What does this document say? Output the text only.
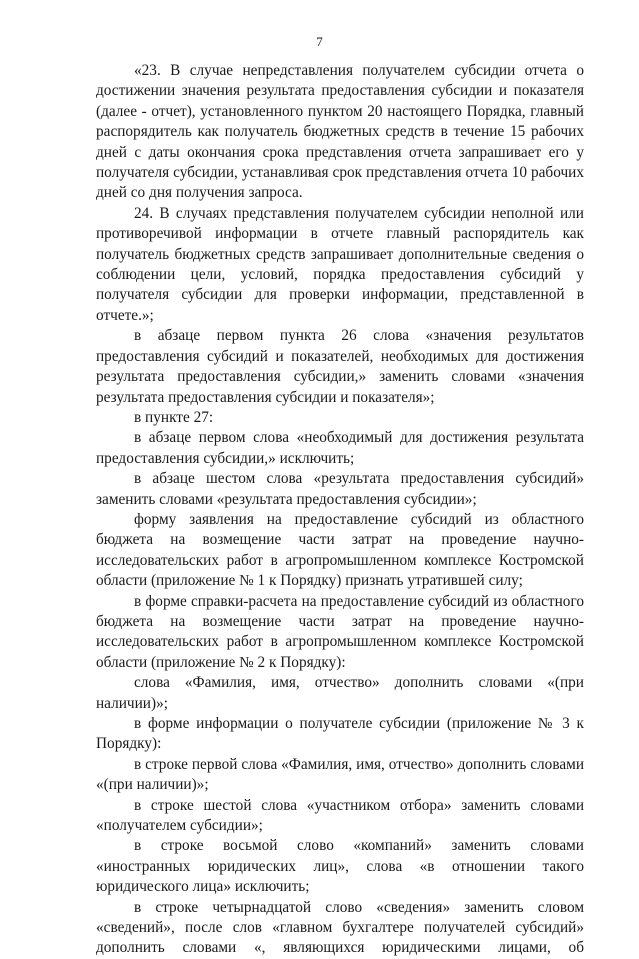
7

«23. В случае непредставления получателем субсидии отчета о достижении значения результата предоставления субсидии и показателя (далее - отчет), установленного пунктом 20 настоящего Порядка, главный распорядитель как получатель бюджетных средств в течение 15 рабочих дней с даты окончания срока представления отчета запрашивает его у получателя субсидии, устанавливая срок представления отчета 10 рабочих дней со дня получения запроса.

24. В случаях представления получателем субсидии неполной или противоречивой информации в отчете главный распорядитель как получатель бюджетных средств запрашивает дополнительные сведения о соблюдении цели, условий, порядка предоставления субсидий у получателя субсидии для проверки информации, представленной в отчете.»;

в абзаце первом пункта 26 слова «значения результатов предоставления субсидий и показателей, необходимых для достижения результата предоставления субсидии,» заменить словами «значения результата предоставления субсидии и показателя»;

в пункте 27:

в абзаце первом слова «необходимый для достижения результата предоставления субсидии,» исключить;

в абзаце шестом слова «результата предоставления субсидий» заменить словами «результата предоставления субсидии»;

форму заявления на предоставление субсидий из областного бюджета на возмещение части затрат на проведение научно-исследовательских работ в агропромышленном комплексе Костромской области (приложение № 1 к Порядку) признать утратившей силу;

в форме справки-расчета на предоставление субсидий из областного бюджета на возмещение части затрат на проведение научно-исследовательских работ в агропромышленном комплексе Костромской области (приложение № 2 к Порядку):

слова «Фамилия, имя, отчество» дополнить словами «(при наличии)»;

в форме информации о получателе субсидии (приложение № 3 к Порядку):

в строке первой слова «Фамилия, имя, отчество» дополнить словами «(при наличии)»;

в строке шестой слова «участником отбора» заменить словами «получателем субсидии»;

в строке восьмой слово «компаний» заменить словами «иностранных юридических лиц», слова «в отношении такого юридического лица» исключить;

в строке четырнадцатой слово «сведения» заменить словом «сведений», после слов «главном бухгалтере получателей субсидий» дополнить словами «, являющихся юридическими лицами, об
